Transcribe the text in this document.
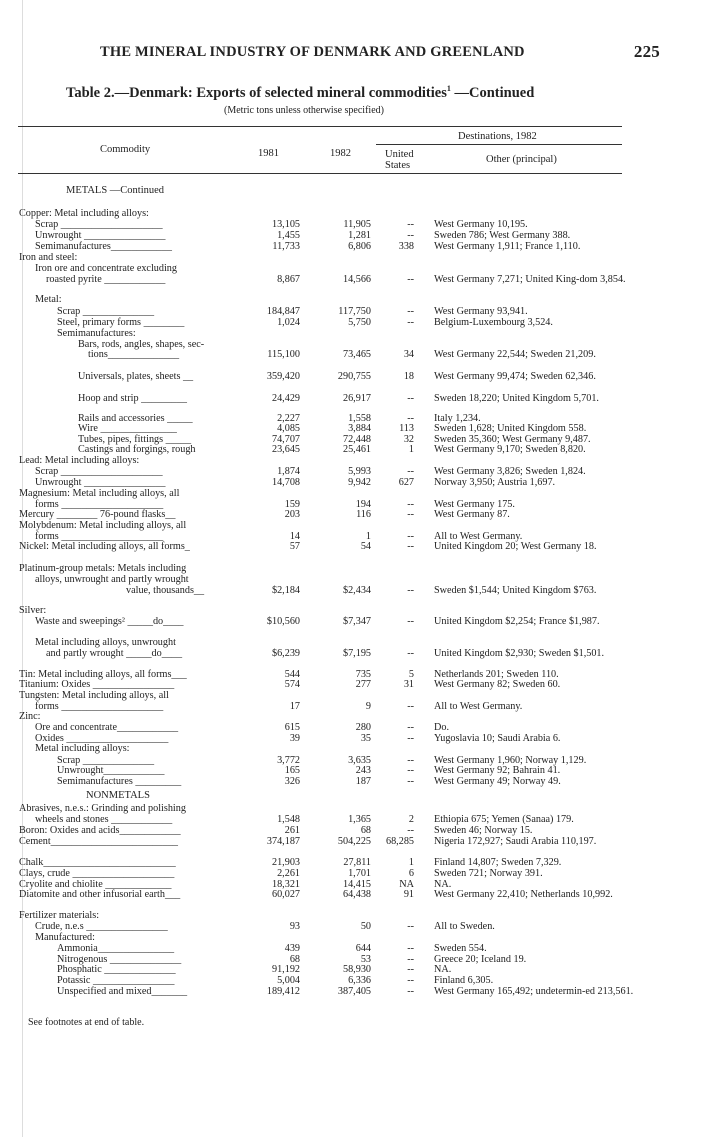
THE MINERAL INDUSTRY OF DENMARK AND GREENLAND	225
Table 2.—Denmark: Exports of selected mineral commodities$^1$ —Continued
(Metric tons unless otherwise specified)
Commodity	1981	1982
Destinations, 1982
United
States
Other (principal)
METALS —Continued
NONMETALS
Copper: Metal including alloys:
Scrap ____________________	13,105	11,905	-- West Germany 10,195.
Unwrought ________________	1,455	1,281	-- Sweden 786; West Germany 388.
Semimanufactures____________	11,733	6,806	338 West Germany 1,911; France 1,110.
Iron and steel:
Iron ore and concentrate excluding
roasted pyrite ____________	8,867	14,566	-- West Germany 7,271; United King-dom 3,854.
Metal:
Scrap ______________	184,847	117,750	-- West Germany 93,941.
Steel, primary forms ________	1,024	5,750	-- Belgium-Luxembourg 3,524.
Semimanufactures:
Bars, rods, angles, shapes, sec-
tions______________	115,100	73,465	34 West Germany 22,544; Sweden 21,209.
Universals, plates, sheets __	359,420	290,755	18 West Germany 99,474; Sweden 62,346.
Hoop and strip _________	24,429	26,917	-- Sweden 18,220; United Kingdom 5,701.
Rails and accessories _____	2,227	1,558	-- Italy 1,234.
Wire _______________	4,085	3,884	113 Sweden 1,628; United Kingdom 558.
Tubes, pipes, fittings _____	74,707	72,448	32 Sweden 35,360; West Germany 9,487.
Castings and forgings, rough	23,645	25,461	1 West Germany 9,170; Sweden 8,820.
Lead: Metal including alloys:
Scrap ____________________	1,874	5,993	-- West Germany 3,826; Sweden 1,824.
Unwrought ________________	14,708	9,942	627 Norway 3,950; Austria 1,697.
Magnesium: Metal including alloys, all
forms ____________________	159	194	-- West Germany 175.
Mercury ________ 76-pound flasks__	203	116	-- West Germany 87.
Molybdenum: Metal including alloys, all
forms ____________________	14	1	-- All to West Germany.
Nickel: Metal including alloys, all forms_	57	54	-- United Kingdom 20; West Germany 18.
Platinum-group metals: Metals including
alloys, unwrought and partly wrought
value, thousands__	$2,184	$2,434	-- Sweden $1,544; United Kingdom $763.
Silver:
Waste and sweepings² _____do____	$10,560	$7,347	-- United Kingdom $2,254; France $1,987.
Metal including alloys, unwrought
and partly wrought _____do____	$6,239	$7,195	-- United Kingdom $2,930; Sweden $1,501.
Tin: Metal including alloys, all forms___	544	735	5 Netherlands 201; Sweden 110.
Titanium: Oxides ________________	574	277	31 West Germany 82; Sweden 60.
Tungsten: Metal including alloys, all
forms ____________________	17	9	-- All to West Germany.
Zinc:
Ore and concentrate____________	615	280	-- Do.
Oxides ____________________	39	35	-- Yugoslavia 10; Saudi Arabia 6.
Metal including alloys:
Scrap ______________	3,772	3,635	-- West Germany 1,960; Norway 1,129.
Unwrought____________	165	243	-- West Germany 92; Bahrain 41.
Semimanufactures _________	326	187	-- West Germany 49; Norway 49.
Abrasives, n.e.s.: Grinding and polishing
wheels and stones ____________	1,548	1,365	2 Ethiopia 675; Yemen (Sanaa) 179.
Boron: Oxides and acids____________	261	68	-- Sweden 46; Norway 15.
Cement_________________________	374,187	504,225	68,285 Nigeria 172,927; Saudi Arabia 110,197.
Chalk__________________________	21,903	27,811	1 Finland 14,807; Sweden 7,329.
Clays, crude ____________________	2,261	1,701	6 Sweden 721; Norway 391.
Cryolite and chiolite _____________	18,321	14,415	NA NA.
Diatomite and other infusorial earth___	60,027	64,438	91 West Germany 22,410; Netherlands 10,992.
Fertilizer materials:
Crude, n.e.s ________________	93	50	-- All to Sweden.
Manufactured:
Ammonia_______________	439	644	-- Sweden 554.
Nitrogenous ______________	68	53	-- Greece 20; Iceland 19.
Phosphatic ______________	91,192	58,930	-- NA.
Potassic ________________	5,004	6,336	-- Finland 6,305.
Unspecified and mixed_______	189,412	387,405	-- West Germany 165,492; undetermin-ed 213,561.
See footnotes at end of table.
